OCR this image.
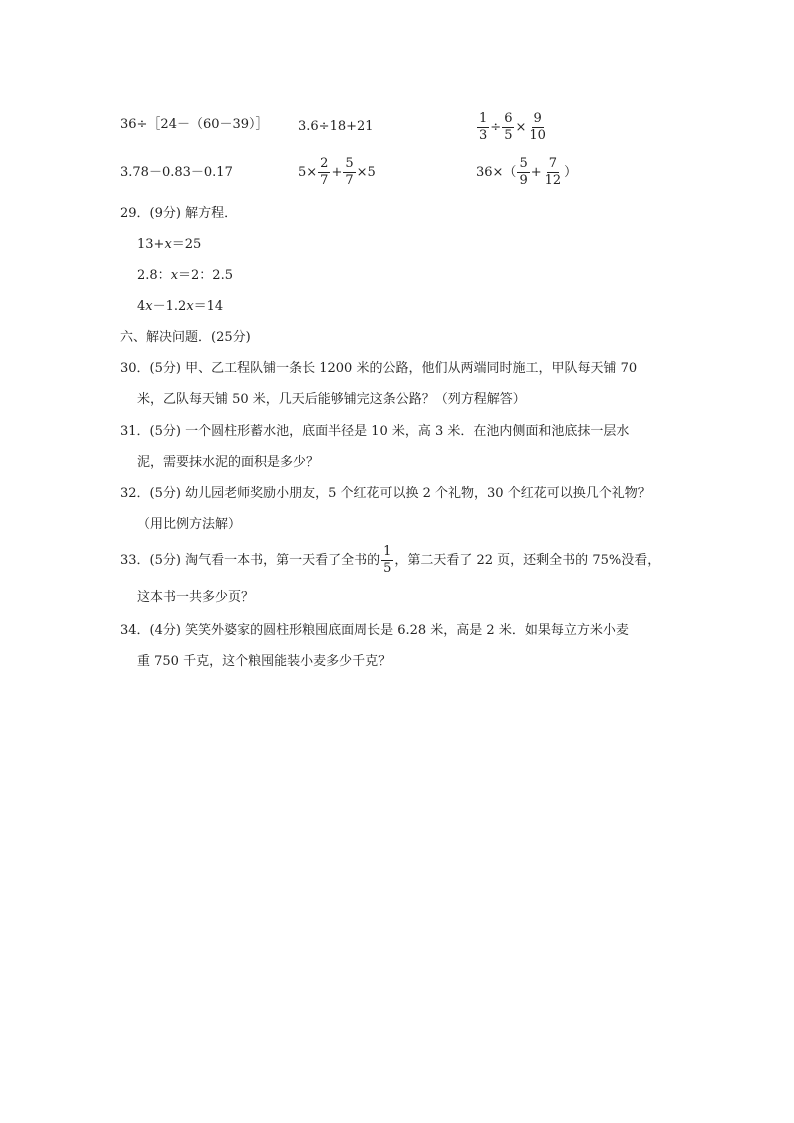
36÷［24－（60－39）］ 3.6÷18+21	$\frac{1}{3} \div \frac{6}{5} \times \frac{9}{10}$
3.78－0.83－0.17	$5\times \frac{2}{7} + \frac{5}{7} \times 5$	$36\times( \frac{5}{9} + \frac{7}{12}$ ）
29．(9分) 解方程．
13+x＝25
2.8：x＝2：2.5
4x－1.2x＝14
六、解决问题．(25分)
30．(5分) 甲、乙工程队铺一条长 1200 米的公路，他们从两端同时施工，甲队每天铺 70
米，乙队每天铺 50 米，几天后能够铺完这条公路？（列方程解答）
31．(5分) 一个圆柱形蓄水池，底面半径是 10 米，高 3 米．在池内侧面和池底抹一层水
泥，需要抹水泥的面积是多少？
32．(5分) 幼儿园老师奖励小朋友，5 个红花可以换 2 个礼物，30 个红花可以换几个礼物？
（用比例方法解）
33．(5分) 淘气看一本书，第一天看了全书的 $\frac{1}{5}$ ，第二天看了 22 页，还剩全书的 75%没看，
这本书一共多少页？
34．(4分) 笑笑外婆家的圆柱形粮囤底面周长是 6.28 米，高是 2 米．如果每立方米小麦
重 750 千克，这个粮囤能装小麦多少千克？
